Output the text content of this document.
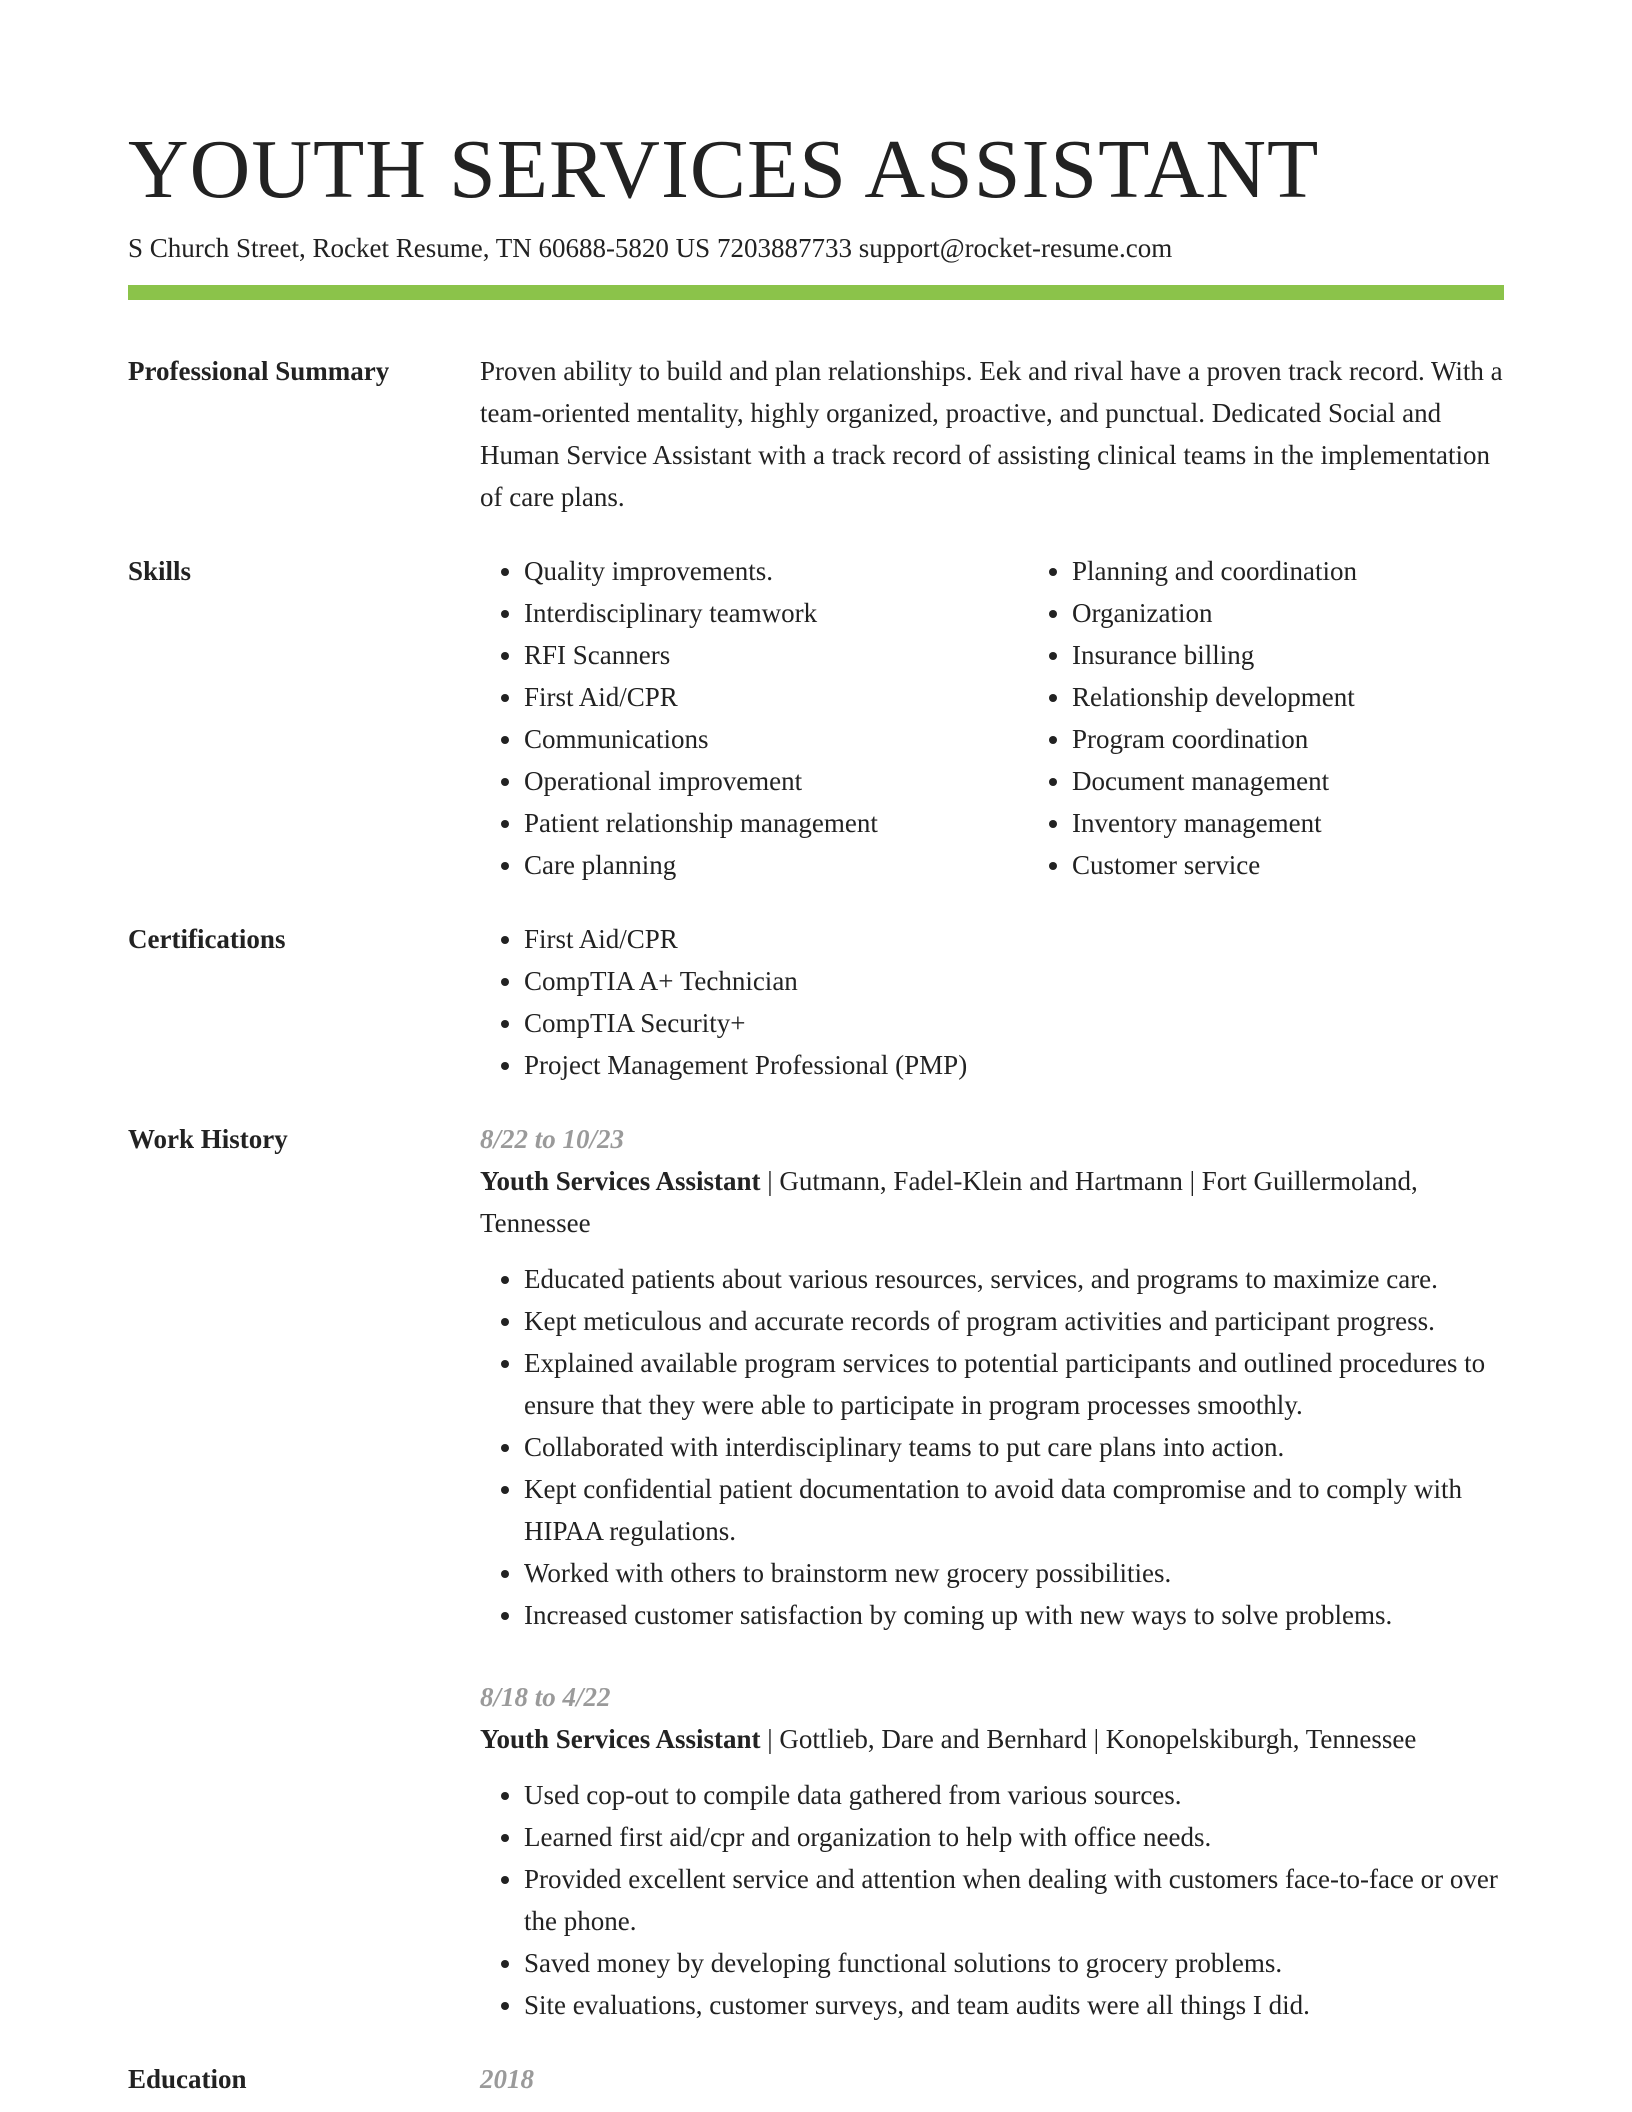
YOUTH SERVICES ASSISTANT
S Church Street, Rocket Resume, TN 60688-5820 US 7203887733 support@rocket-resume.com
Professional Summary	Proven ability to build and plan relationships. Eek and rival have a proven track record. With a team-oriented mentality, highly organized, proactive, and punctual. Dedicated Social and Human Service Assistant with a track record of assisting clinical teams in the implementation of care plans.

Skills	• Quality improvements.
• Interdisciplinary teamwork
• RFI Scanners
• First Aid/CPR
• Communications
• Operational improvement
• Patient relationship management
• Care planning
• Planning and coordination
• Organization
• Insurance billing
• Relationship development
• Program coordination
• Document management
• Inventory management
• Customer service
Certifications	• First Aid/CPR
• CompTIA A+ Technician
• CompTIA Security+
• Project Management Professional (PMP)
Work History	8/22 to 10/23
Youth Services Assistant | Gutmann, Fadel-Klein and Hartmann | Fort Guillermoland, Tennessee
• Educated patients about various resources, services, and programs to maximize care.
• Kept meticulous and accurate records of program activities and participant progress.
• Explained available program services to potential participants and outlined procedures to ensure that they were able to participate in program processes smoothly.
• Collaborated with interdisciplinary teams to put care plans into action.
• Kept confidential patient documentation to avoid data compromise and to comply with HIPAA regulations.
• Worked with others to brainstorm new grocery possibilities.
• Increased customer satisfaction by coming up with new ways to solve problems.
8/18 to 4/22
Youth Services Assistant | Gottlieb, Dare and Bernhard | Konopelskiburgh, Tennessee
• Used cop-out to compile data gathered from various sources.
• Learned first aid/cpr and organization to help with office needs.
• Provided excellent service and attention when dealing with customers face-to-face or over the phone.
• Saved money by developing functional solutions to grocery problems.
• Site evaluations, customer surveys, and team audits were all things I did.
Education	2018
